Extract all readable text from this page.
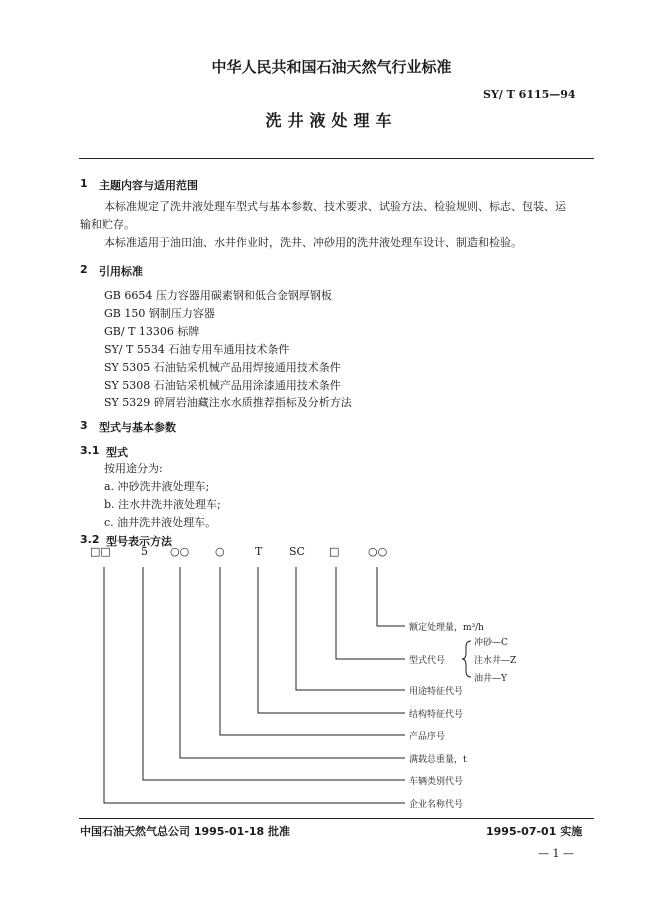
中华人民共和国石油天然气行业标准
SY/ T 6115—94
洗井液处理车
1 主题内容与适用范围
本标准规定了洗井液处理车型式与基本参数、技术要求、试验方法、检验规则、标志、包装、运
输和贮存。
本标准适用于油田油、水井作业时，洗井、冲砂用的洗井液处理车设计、制造和检验。
2 引用标准
GB 6654 压力容器用碳素钢和低合金钢厚钢板
GB 150 钢制压力容器
GB/ T 13306 标牌
SY/ T 5534 石油专用车通用技术条件
SY 5305 石油钻采机械产品用焊接通用技术条件
SY 5308 石油钻采机械产品用涂漆通用技术条件
SY 5329 碎屑岩油藏注水水质推荐指标及分析方法
3 型式与基本参数
3.1 型式
按用途分为:
a. 冲砂洗井液处理车;
b. 注水井洗井液处理车;
c. 油井洗井液处理车。
3.2 型号表示方法
□□	5 ○○ ○	T SC □	○○
额定处理量，m³/h
型式代号
冲砂—C
注水井—Z
油井—Y
用途特征代号
结构特征代号
产品序号
满载总重量，t
车辆类别代号
企业名称代号
中国石油天然气总公司 1995-01-18 批准	1995-07-01 实施
— 1 —
